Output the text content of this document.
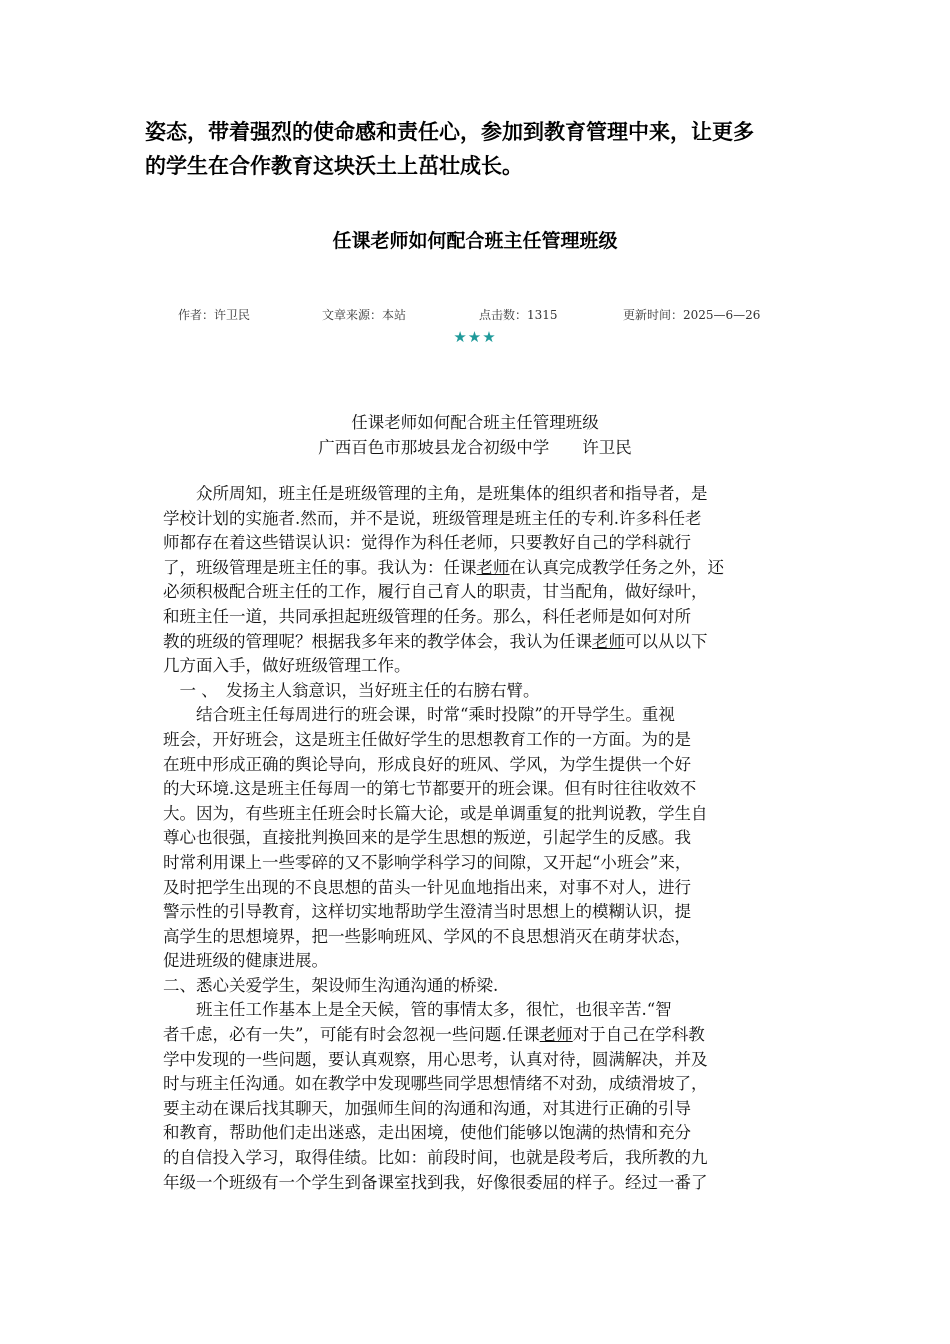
姿态，带着强烈的使命感和责任心，参加到教育管理中来，让更多

的学生在合作教育这块沃土上茁壮成长。

任课老师如何配合班主任管理班级
作者：许卫民	文章来源：本站	点击数：1315	更新时间：2025—6—26
★★★
任课老师如何配合班主任管理班级
广西百色市那坡县龙合初级中学　　许卫民

　　众所周知，班主任是班级管理的主角，是班集体的组织者和指导者，是

学校计划的实施者.然而，并不是说，班级管理是班主任的专利.许多科任老

师都存在着这些错误认识：觉得作为科任老师，只要教好自己的学科就行

了，班级管理是班主任的事。我认为：任课老师在认真完成教学任务之外，还

必须积极配合班主任的工作，履行自己育人的职责，甘当配角，做好绿叶，

和班主任一道，共同承担起班级管理的任务。那么，科任老师是如何对所

教的班级的管理呢？根据我多年来的教学体会，我认为任课老师可以从以下

几方面入手，做好班级管理工作。

　一 、　发扬主人翁意识，当好班主任的右膀右臂。

　　结合班主任每周进行的班会课，时常“乘时投隙”的开导学生。重视

班会，开好班会，这是班主任做好学生的思想教育工作的一方面。为的是

在班中形成正确的舆论导向，形成良好的班风、学风，为学生提供一个好

的大环境.这是班主任每周一的第七节都要开的班会课。但有时往往收效不

大。因为，有些班主任班会时长篇大论，或是单调重复的批判说教，学生自

尊心也很强，直接批判换回来的是学生思想的叛逆，引起学生的反感。我

时常利用课上一些零碎的又不影响学科学习的间隙，又开起“小班会”来，

及时把学生出现的不良思想的苗头一针见血地指出来，对事不对人，进行

警示性的引导教育，这样切实地帮助学生澄清当时思想上的模糊认识，提

高学生的思想境界，把一些影响班风、学风的不良思想消灭在萌芽状态，

促进班级的健康进展。

二、悉心关爱学生，架设师生沟通沟通的桥梁.

　　班主任工作基本上是全天候，管的事情太多，很忙，也很辛苦.“智

者千虑，必有一失”，可能有时会忽视一些问题.任课老师对于自己在学科教

学中发现的一些问题，要认真观察，用心思考，认真对待，圆满解决，并及

时与班主任沟通。如在教学中发现哪些同学思想情绪不对劲，成绩滑坡了，

要主动在课后找其聊天，加强师生间的沟通和沟通，对其进行正确的引导

和教育，帮助他们走出迷惑，走出困境，使他们能够以饱满的热情和充分

的自信投入学习，取得佳绩。比如：前段时间，也就是段考后，我所教的九

年级一个班级有一个学生到备课室找到我，好像很委屈的样子。经过一番了
